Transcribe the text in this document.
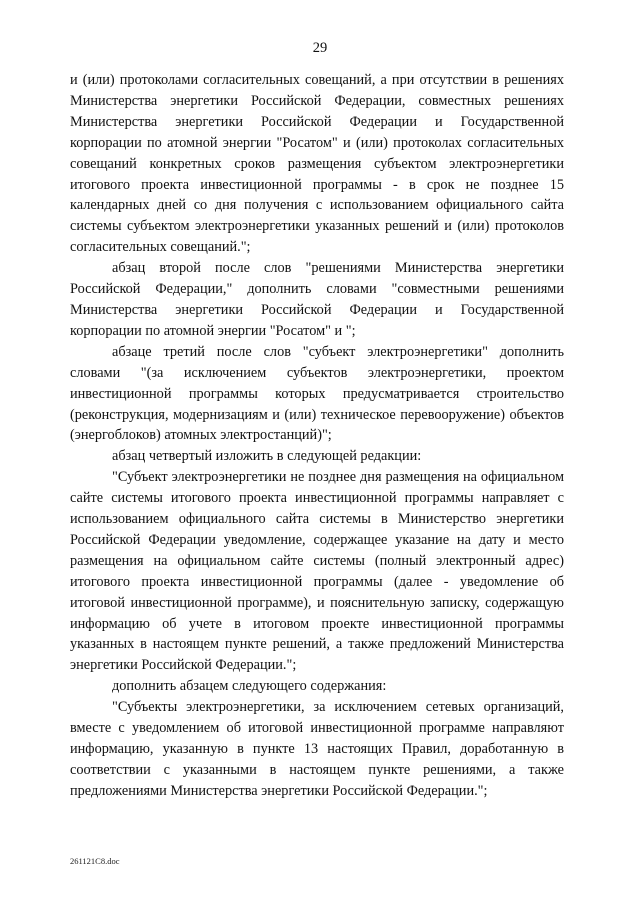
29

и (или) протоколами согласительных совещаний, а при отсутствии в решениях Министерства энергетики Российской Федерации, совместных решениях Министерства энергетики Российской Федерации и Государственной корпорации по атомной энергии "Росатом" и (или) протоколах согласительных совещаний конкретных сроков размещения субъектом электроэнергетики итогового проекта инвестиционной программы - в срок не позднее 15 календарных дней со дня получения с использованием официального сайта системы субъектом электроэнергетики указанных решений и (или) протоколов согласительных совещаний.";

абзац второй после слов "решениями Министерства энергетики Российской Федерации," дополнить словами "совместными решениями Министерства энергетики Российской Федерации и Государственной корпорации по атомной энергии "Росатом" и ";

абзаце третий после слов "субъект электроэнергетики" дополнить словами "(за исключением субъектов электроэнергетики, проектом инвестиционной программы которых предусматривается строительство (реконструкция, модернизациям и (или) техническое перевооружение) объектов (энергоблоков) атомных электростанций)";

абзац четвертый изложить в следующей редакции:

"Субъект электроэнергетики не позднее дня размещения на официальном сайте системы итогового проекта инвестиционной программы направляет с использованием официального сайта системы в Министерство энергетики Российской Федерации уведомление, содержащее указание на дату и место размещения на официальном сайте системы (полный электронный адрес) итогового проекта инвестиционной программы (далее - уведомление об итоговой инвестиционной программе), и пояснительную записку, содержащую информацию об учете в итоговом проекте инвестиционной программы указанных в настоящем пункте решений, а также предложений Министерства энергетики Российской Федерации.";

дополнить абзацем следующего содержания:

"Субъекты электроэнергетики, за исключением сетевых организаций, вместе с уведомлением об итоговой инвестиционной программе направляют информацию, указанную в пункте 13 настоящих Правил, доработанную в соответствии с указанными в настоящем пункте решениями, а также предложениями Министерства энергетики Российской Федерации.";

261121C8.doc
